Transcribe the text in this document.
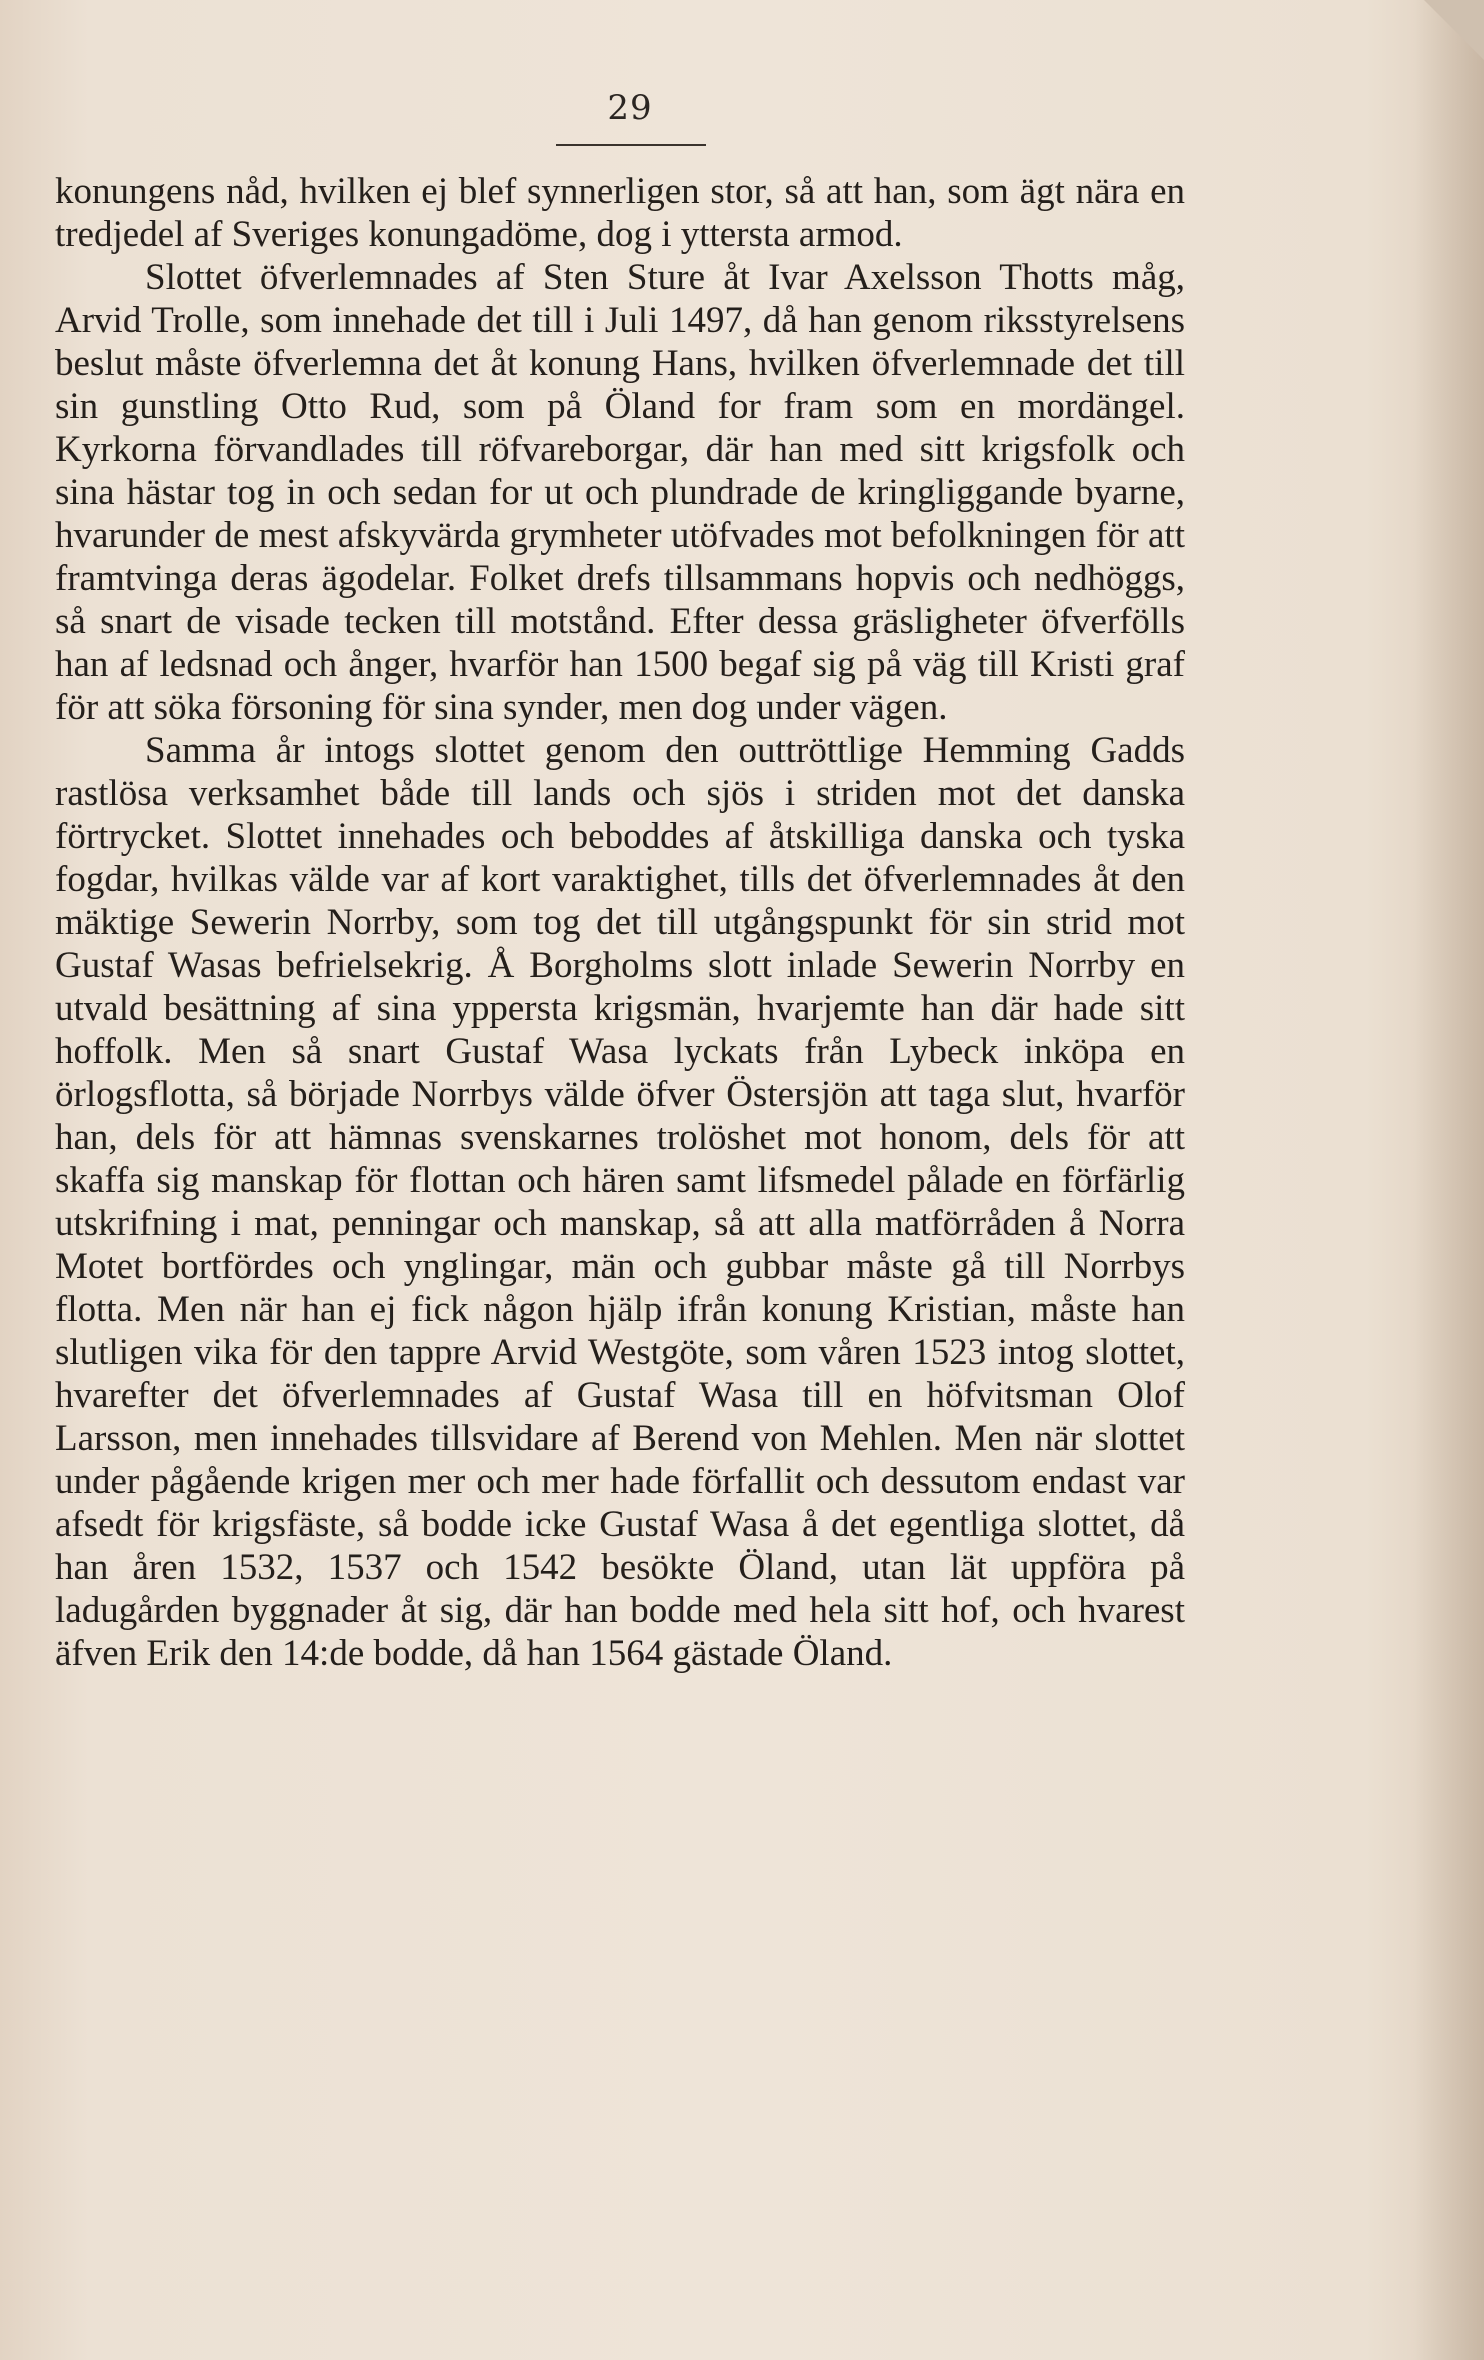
29

konungens nåd, hvilken ej blef synnerligen stor, så att han, som ägt nära en tredjedel af Sveriges konungadöme, dog i yttersta armod.

Slottet öfverlemnades af Sten Sture åt Ivar Axelsson Thotts måg, Arvid Trolle, som innehade det till i Juli 1497, då han genom riksstyrelsens beslut måste öfverlemna det åt konung Hans, hvilken öfverlemnade det till sin gunstling Otto Rud, som på Öland for fram som en mordängel. Kyrkorna förvandlades till röfvareborgar, där han med sitt krigsfolk och sina hästar tog in och sedan for ut och plundrade de kringliggande byarne, hvarunder de mest afskyvärda grymheter utöfvades mot befolkningen för att framtvinga deras ägodelar. Folket drefs tillsammans hopvis och nedhöggs, så snart de visade tecken till motstånd. Efter dessa gräsligheter öfverfölls han af ledsnad och ånger, hvarför han 1500 begaf sig på väg till Kristi graf för att söka försoning för sina synder, men dog under vägen.

Samma år intogs slottet genom den outtröttlige Hemming Gadds rastlösa verksamhet både till lands och sjös i striden mot det danska förtrycket. Slottet innehades och beboddes af åtskilliga danska och tyska fogdar, hvilkas välde var af kort varaktighet, tills det öfverlemnades åt den mäktige Sewerin Norrby, som tog det till utgångspunkt för sin strid mot Gustaf Wasas befrielsekrig. Å Borgholms slott inlade Sewerin Norrby en utvald besättning af sina yppersta krigsmän, hvarjemte han där hade sitt hoffolk. Men så snart Gustaf Wasa lyckats från Lybeck inköpa en örlogsflotta, så började Norrbys välde öfver Östersjön att taga slut, hvarför han, dels för att hämnas svenskarnes trolöshet mot honom, dels för att skaffa sig manskap för flottan och hären samt lifsmedel pålade en förfärlig utskrifning i mat, penningar och manskap, så att alla matförråden å Norra Motet bortfördes och ynglingar, män och gubbar måste gå till Norrbys flotta. Men när han ej fick någon hjälp ifrån konung Kristian, måste han slutligen vika för den tappre Arvid Westgöte, som våren 1523 intog slottet, hvarefter det öfverlemnades af Gustaf Wasa till en höfvitsman Olof Larsson, men innehades tillsvidare af Berend von Mehlen. Men när slottet under pågående krigen mer och mer hade förfallit och dessutom endast var afsedt för krigsfäste, så bodde icke Gustaf Wasa å det egentliga slottet, då han åren 1532, 1537 och 1542 besökte Öland, utan lät uppföra på ladugården byggnader åt sig, där han bodde med hela sitt hof, och hvarest äfven Erik den 14:de bodde, då han 1564 gästade Öland.
